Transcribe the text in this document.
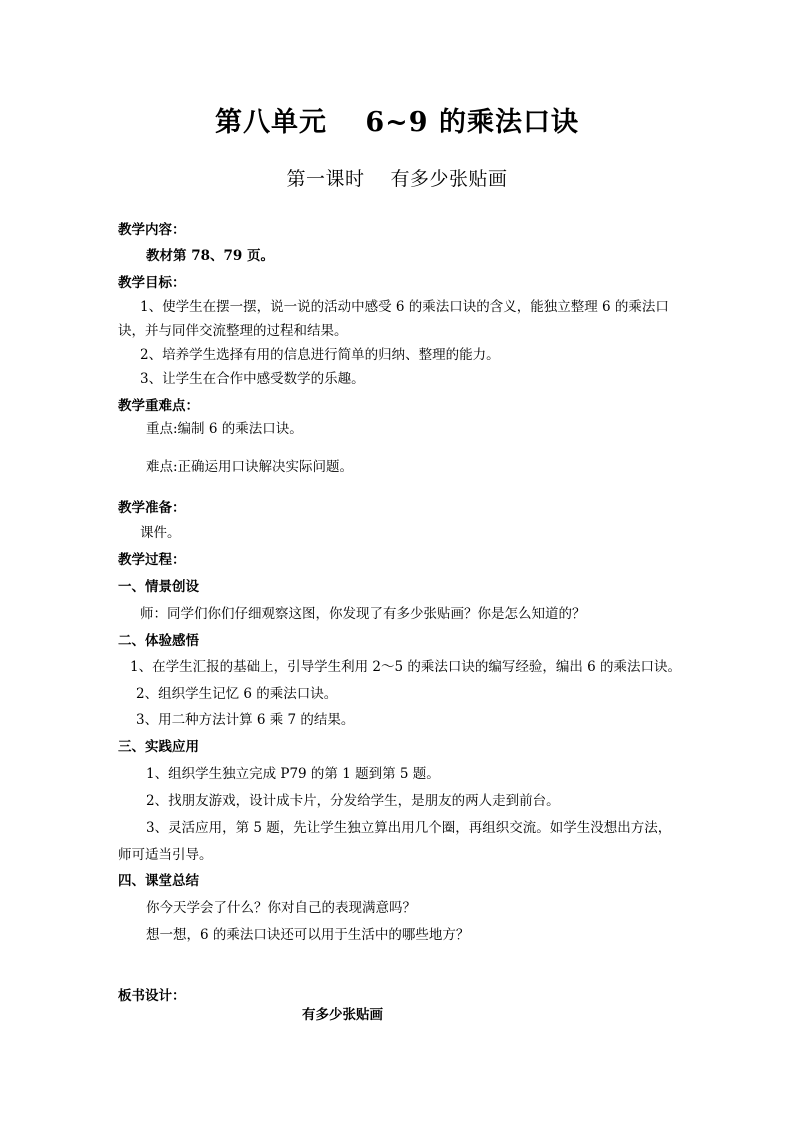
第八单元　 6~9 的乘法口诀
第一课时　 有多少张贴画
教学内容：
教材第 78、79 页。
教学目标：
1、使学生在摆一摆，说一说的活动中感受 6 的乘法口诀的含义，能独立整理 6 的乘法口
诀，并与同伴交流整理的过程和结果。
2、培养学生选择有用的信息进行简单的归纳、整理的能力。
3、让学生在合作中感受数学的乐趣。
教学重难点：
重点:编制 6 的乘法口诀。
难点:正确运用口诀解决实际问题。
教学准备：
课件。
教学过程：
一、情景创设
师：同学们你们仔细观察这图，你发现了有多少张贴画？你是怎么知道的？
二、体验感悟
1、在学生汇报的基础上，引导学生利用 2～5 的乘法口诀的编写经验，编出 6 的乘法口诀。
2、组织学生记忆 6 的乘法口诀。
3、用二种方法计算 6 乘 7 的结果。
三、实践应用
1、组织学生独立完成 P79 的第 1 题到第 5 题。
2、找朋友游戏，设计成卡片，分发给学生，是朋友的两人走到前台。
3、灵活应用，第 5 题，先让学生独立算出用几个圈，再组织交流。如学生没想出方法，
师可适当引导。
四、课堂总结
你今天学会了什么？你对自己的表现满意吗？
想一想，6 的乘法口诀还可以用于生活中的哪些地方？
板书设计：
有多少张贴画
